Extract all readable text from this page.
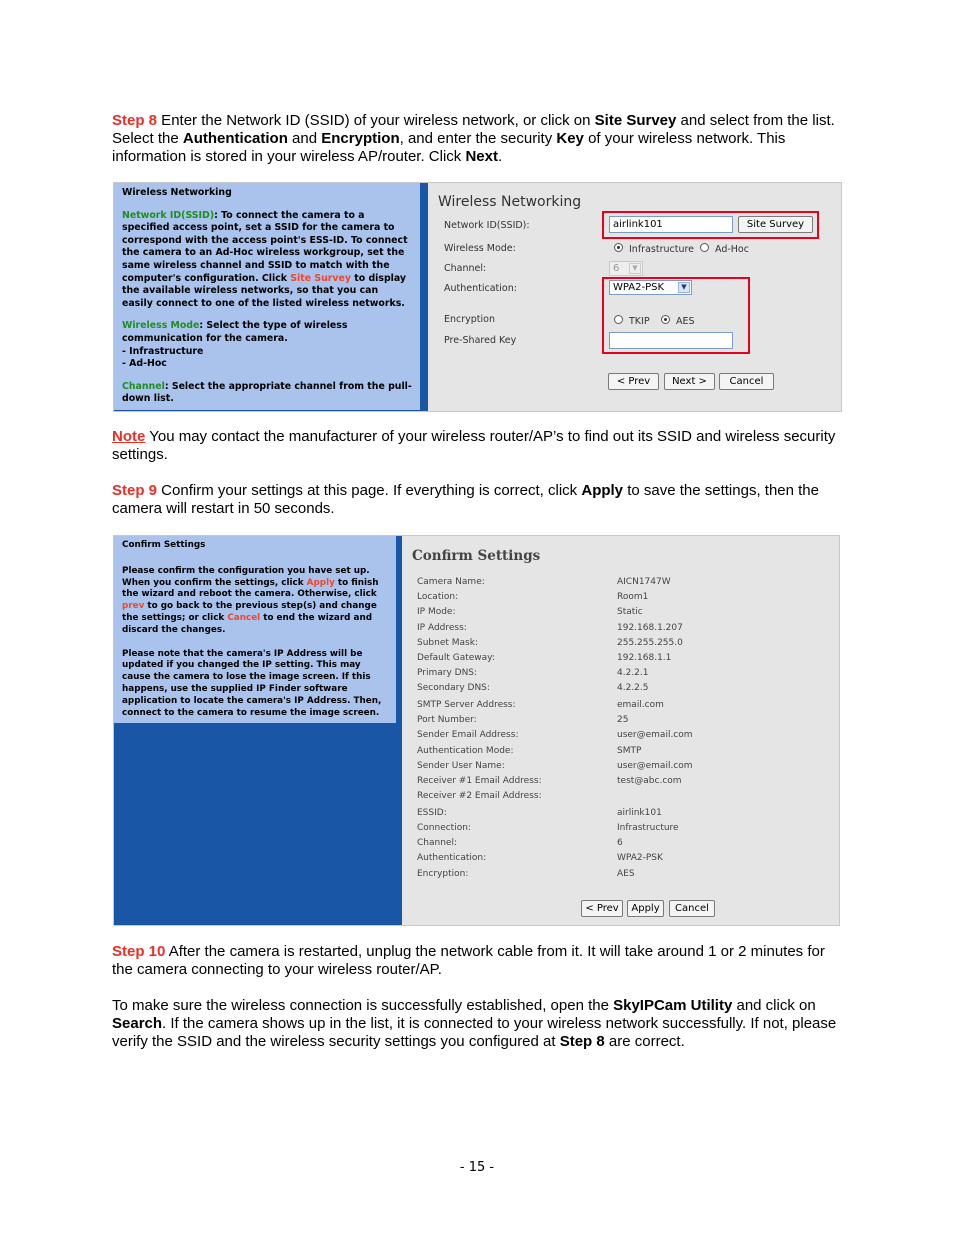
Step 8 Enter the Network ID (SSID) of your wireless network, or click on Site Survey and select from the list. Select the Authentication and Encryption, and enter the security Key of your wireless network. This information is stored in your wireless AP/router. Click Next.

Wireless Networking

Network ID(SSID): To connect the camera to a specified access point, set a SSID for the camera to correspond with the access point's ESS-ID. To connect the camera to an Ad-Hoc wireless workgroup, set the same wireless channel and SSID to match with the computer's configuration. Click Site Survey to display the available wireless networks, so that you can easily connect to one of the listed wireless networks.

Wireless Mode: Select the type of wireless communication for the camera.

- Infrastructure

- Ad-Hoc

Channel: Select the appropriate channel from the pull-down list.

Wireless Networking
Network ID(SSID):	airlink101	Site Survey
Wireless Mode:	Infrastructure Ad-Hoc
Channel:	6	▼
Authentication:	WPA2-PSK	▼
Encryption	TKIP	AES
Pre-Shared Key
< Prev	Next >	Cancel

Note You may contact the manufacturer of your wireless router/AP’s to find out its SSID and wireless security settings.

Step 9 Confirm your settings at this page. If everything is correct, click Apply to save the settings, then the camera will restart in 50 seconds.

Confirm Settings

Please confirm the configuration you have set up. When you confirm the settings, click Apply to finish the wizard and reboot the camera. Otherwise, click prev to go back to the previous step(s) and change the settings; or click Cancel to end the wizard and discard the changes.

Please note that the camera's IP Address will be updated if you changed the IP setting. This may cause the camera to lose the image screen. If this happens, use the supplied IP Finder software application to locate the camera's IP Address. Then, connect to the camera to resume the image screen.

Confirm Settings
Camera Name:	AICN1747W
Location:	Room1
IP Mode:	Static
IP Address:	192.168.1.207
Subnet Mask:	255.255.255.0
Default Gateway:	192.168.1.1
Primary DNS:	4.2.2.1
Secondary DNS:	4.2.2.5
SMTP Server Address:	email.com
Port Number:	25
Sender Email Address:	user@email.com
Authentication Mode:	SMTP
Sender User Name:	user@email.com
Receiver #1 Email Address:	test@abc.com
Receiver #2 Email Address:
ESSID:	airlink101
Connection:	Infrastructure
Channel:	6
Authentication:	WPA2-PSK
Encryption:	AES
< Prev	Apply	Cancel

Step 10 After the camera is restarted, unplug the network cable from it. It will take around 1 or 2 minutes for the camera connecting to your wireless router/AP.

To make sure the wireless connection is successfully established, open the SkyIPCam Utility and click on Search. If the camera shows up in the list, it is connected to your wireless network successfully. If not, please verify the SSID and the wireless security settings you configured at Step 8 are correct.

- 15 -
